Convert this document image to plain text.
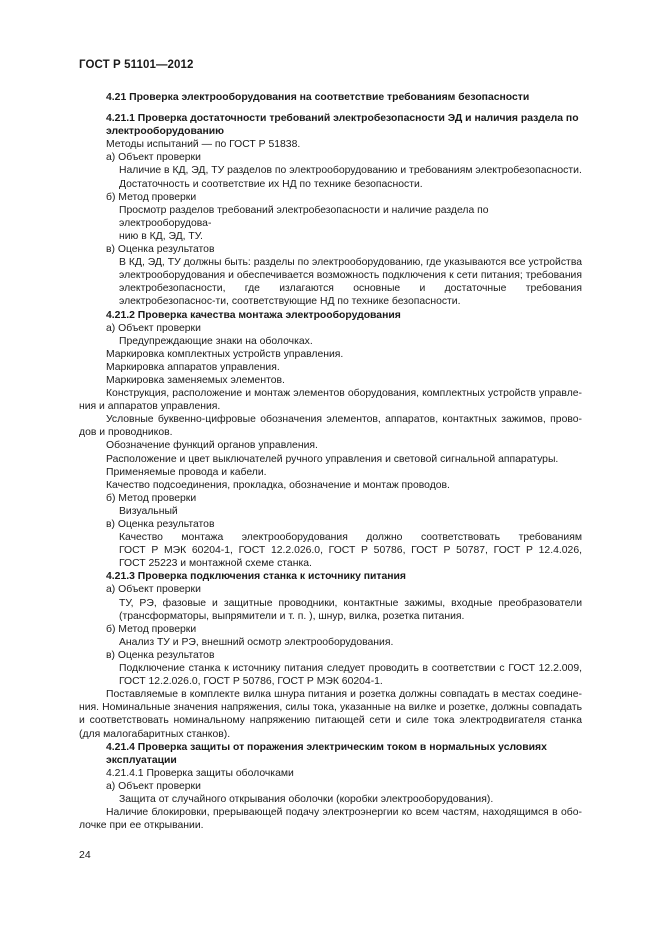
ГОСТ Р 51101—2012

4.21 Проверка электрооборудования на соответствие требованиям безопасности

4.21.1 Проверка достаточности требований электробезопасности ЭД и наличия раздела по

электрооборудованию

Методы испытаний — по ГОСТ Р 51838.

а) Объект проверки

Наличие в КД, ЭД, ТУ разделов по электрооборудованию и требованиям электробезопасности.

Достаточность и соответствие их НД по технике безопасности.

б) Метод проверки

Просмотр разделов требований электробезопасности и наличие раздела по электрооборудова-

нию в КД, ЭД, ТУ.

в) Оценка результатов

В КД, ЭД, ТУ должны быть: разделы по электрооборудованию, где указываются все устройства электрооборудования и обеспечивается возможность подключения к сети питания; требования электробезопасности, где излагаются основные и достаточные требования электробезопаснос-ти, соответствующие НД по технике безопасности.

4.21.2 Проверка качества монтажа электрооборудования

а) Объект проверки

Предупреждающие знаки на оболочках.

Маркировка комплектных устройств управления.

Маркировка аппаратов управления.

Маркировка заменяемых элементов.

Конструкция, расположение и монтаж элементов оборудования, комплектных устройств управле-ния и аппаратов управления.

Условные буквенно-цифровые обозначения элементов, аппаратов, контактных зажимов, прово-дов и проводников.

Обозначение функций органов управления.

Расположение и цвет выключателей ручного управления и световой сигнальной аппаратуры.

Применяемые провода и кабели.

Качество подсоединения, прокладка, обозначение и монтаж проводов.

б) Метод проверки

Визуальный

в) Оценка результатов

Качество монтажа электрооборудования должно соответствовать требованиям

ГОСТ Р МЭК 60204-1, ГОСТ 12.2.026.0, ГОСТ Р 50786, ГОСТ Р 50787, ГОСТ Р 12.4.026,

ГОСТ 25223 и монтажной схеме станка.

4.21.3 Проверка подключения станка к источнику питания

а) Объект проверки

ТУ, РЭ, фазовые и защитные проводники, контактные зажимы, входные преобразователи (трансформаторы, выпрямители и т. п. ), шнур, вилка, розетка питания.

б) Метод проверки

Анализ ТУ и РЭ, внешний осмотр электрооборудования.

в) Оценка результатов

Подключение станка к источнику питания следует проводить в соответствии с ГОСТ 12.2.009, ГОСТ 12.2.026.0, ГОСТ Р 50786, ГОСТ Р МЭК 60204-1.

Поставляемые в комплекте вилка шнура питания и розетка должны совпадать в местах соедине-ния. Номинальные значения напряжения, силы тока, указанные на вилке и розетке, должны совпадать и соответствовать номинальному напряжению питающей сети и силе тока электродвигателя станка (для малогабаритных станков).

4.21.4 Проверка защиты от поражения электрическим током в нормальных условиях

эксплуатации

4.21.4.1 Проверка защиты оболочками

а) Объект проверки

Защита от случайного открывания оболочки (коробки электрооборудования).

Наличие блокировки, прерывающей подачу электроэнергии ко всем частям, находящимся в обо-лочке при ее открывании.

24
